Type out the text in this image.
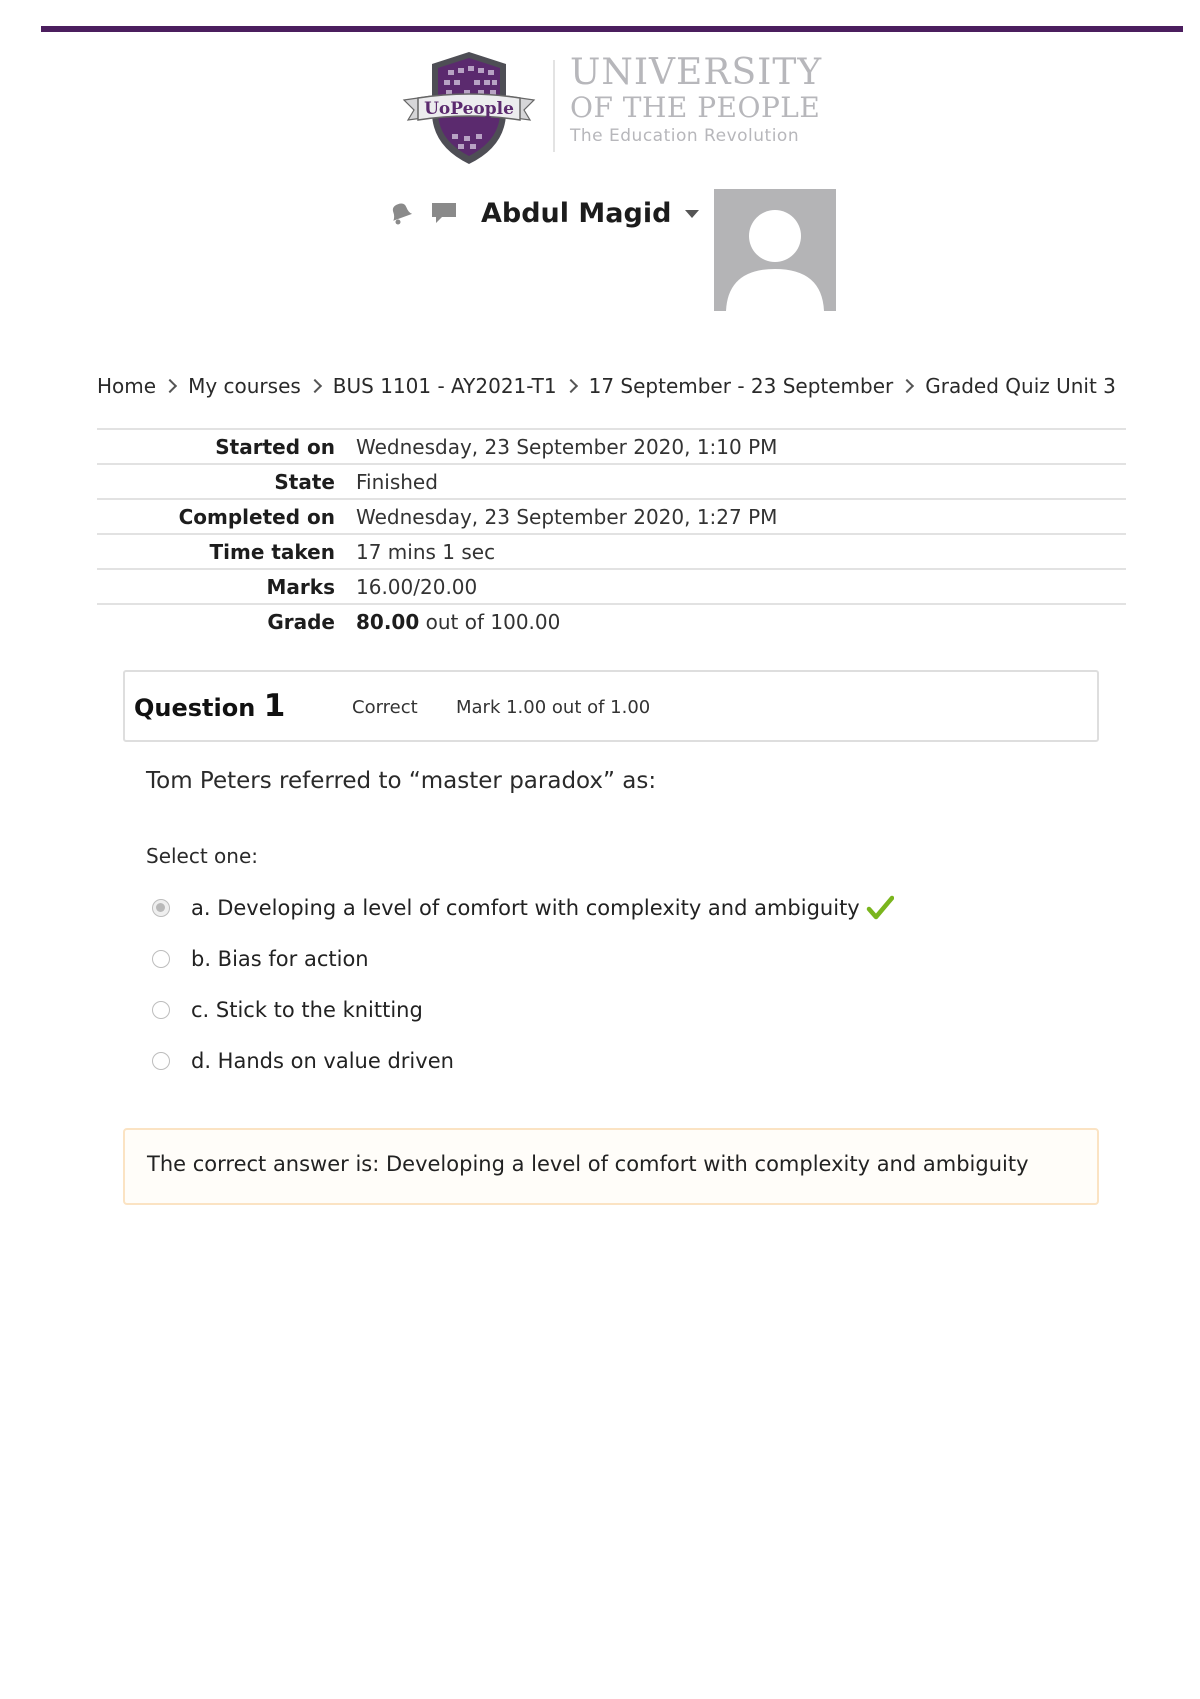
UoPeople
UNIVERSITY
OF THE PEOPLE
The Education Revolution
Abdul Magid
Home My courses BUS 1101 - AY2021-T1 17 September - 23 September Graded Quiz Unit 3
Started on	Wednesday, 23 September 2020, 1:10 PM
State	Finished
Completed on	Wednesday, 23 September 2020, 1:27 PM
Time taken	17 mins 1 sec
Marks	16.00/20.00
Grade	80.00 out of 100.00
Question 1	Correct Mark 1.00 out of 1.00
Tom Peters referred to “master paradox” as:
Select one:
a. Developing a level of comfort with complexity and ambiguity
b. Bias for action
c. Stick to the knitting
d. Hands on value driven
The correct answer is: Developing a level of comfort with complexity and ambiguity
